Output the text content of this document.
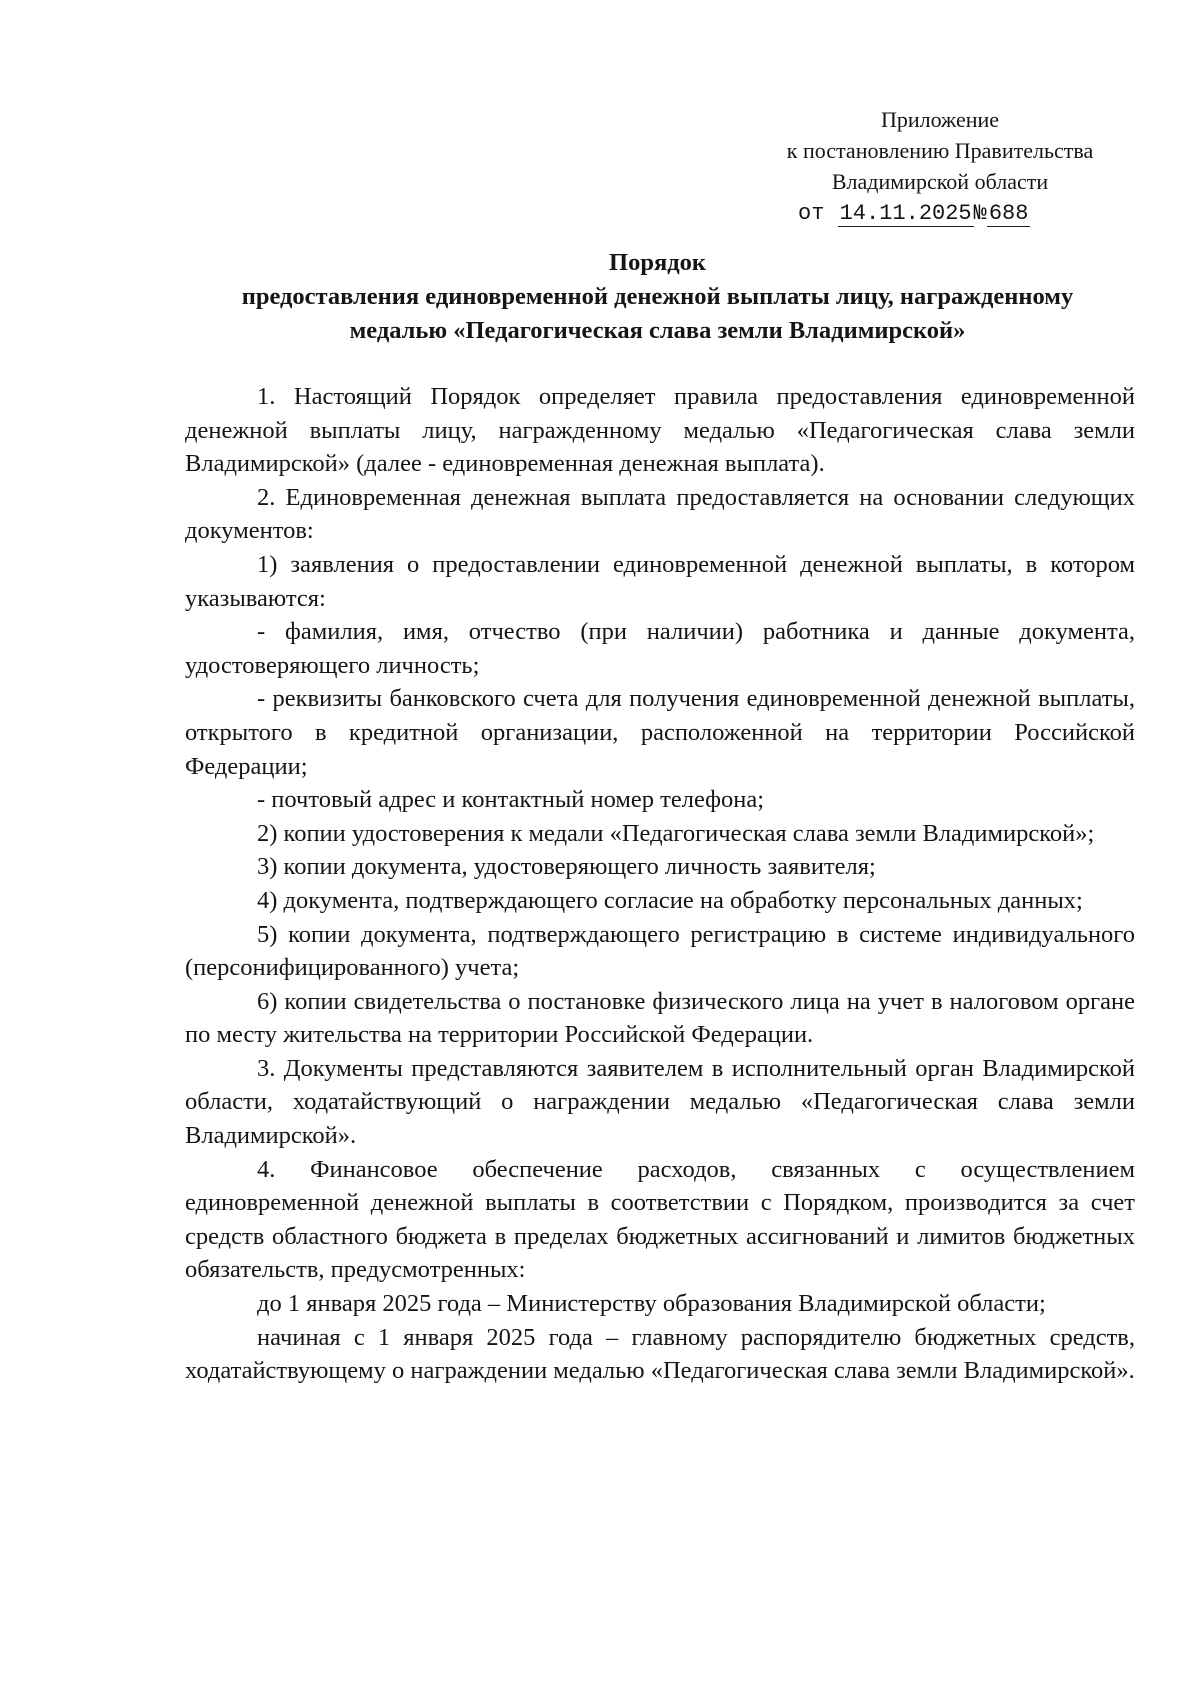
Приложение
к постановлению Правительства
Владимирской области
от 14.11.2025№688
Порядок
предоставления единовременной денежной выплаты лицу, награжденному
медалью «Педагогическая слава земли Владимирской»

1. Настоящий Порядок определяет правила предоставления единовременной денежной выплаты лицу, награжденному медалью «Педагогическая слава земли Владимирской» (далее - единовременная денежная выплата).

2. Единовременная денежная выплата предоставляется на основании следующих документов:

1) заявления о предоставлении единовременной денежной выплаты, в котором указываются:

- фамилия, имя, отчество (при наличии) работника и данные документа, удостоверяющего личность;

- реквизиты банковского счета для получения единовременной денежной выплаты, открытого в кредитной организации, расположенной на территории Российской Федерации;

- почтовый адрес и контактный номер телефона;

2) копии удостоверения к медали «Педагогическая слава земли Владимирской»;

3) копии документа, удостоверяющего личность заявителя;

4) документа, подтверждающего согласие на обработку персональных данных;

5) копии документа, подтверждающего регистрацию в системе индивидуального (персонифицированного) учета;

6) копии свидетельства о постановке физического лица на учет в налоговом органе по месту жительства на территории Российской Федерации.

3. Документы представляются заявителем в исполнительный орган Владимирской области, ходатайствующий о награждении медалью «Педагогическая слава земли Владимирской».

4. Финансовое обеспечение расходов, связанных с осуществлением единовременной денежной выплаты в соответствии с Порядком, производится за счет средств областного бюджета в пределах бюджетных ассигнований и лимитов бюджетных обязательств, предусмотренных:

до 1 января 2025 года – Министерству образования Владимирской области;

начиная с 1 января 2025 года – главному распорядителю бюджетных средств, ходатайствующему о награждении медалью «Педагогическая слава земли Владимирской».
